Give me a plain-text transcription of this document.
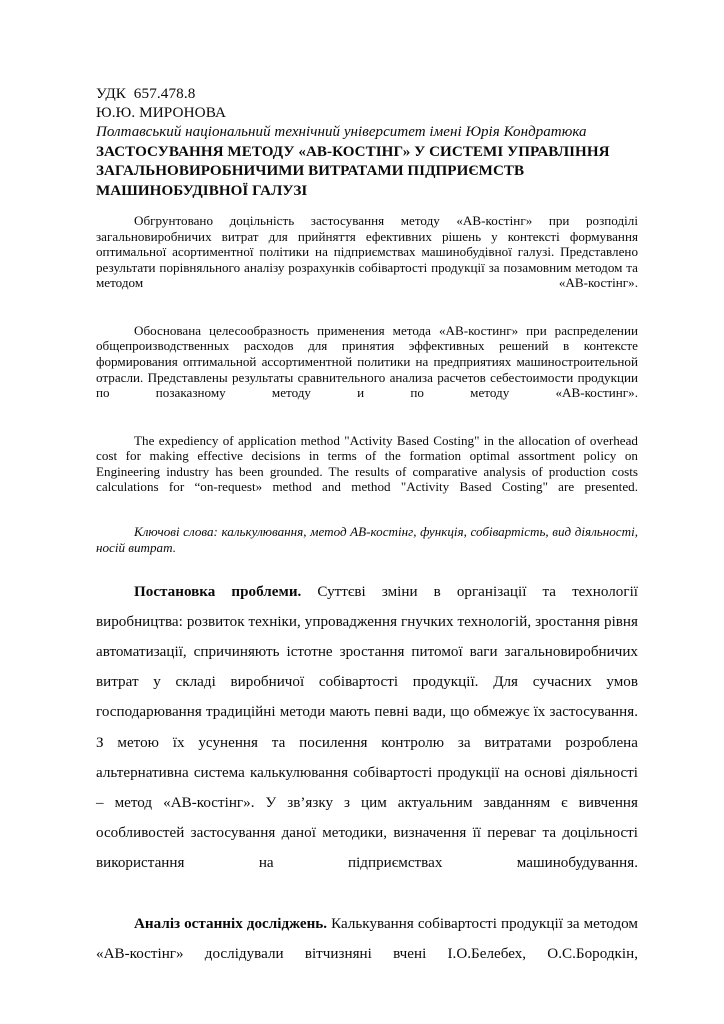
УДК  657.478.8
Ю.Ю. МИРОНОВА
Полтавський національний технічний університет імені Юрія Кондратюка
ЗАСТОСУВАННЯ МЕТОДУ «АВ-КОСТІНГ» У СИСТЕМІ УПРАВЛІННЯ
ЗАГАЛЬНОВИРОБНИЧИМИ ВИТРАТАМИ ПІДПРИЄМСТВ
МАШИНОБУДІВНОЇ ГАЛУЗІ

Обгрунтовано доцільність застосування методу «АВ-костінг» при розподілі загальновиробничих витрат для прийняття ефективних рішень у контексті формування оптимальної асортиментної політики на підприємствах машинобудівної галузі. Представлено результати порівняльного аналізу розрахунків собівартості продукції за позамовним методом та методом «АВ-костінг».

Обоснована целесообразность применения метода «АВ-костинг» при распределении общепроизводственных расходов для принятия эффективных решений в контексте формирования оптимальной ассортиментной политики на предприятиях машиностроительной отрасли. Представлены результаты сравнительного анализа расчетов себестоимости продукции по позаказному методу и по методу «АВ-костинг».

The expediency of application method "Activity Based Costing" in the allocation of overhead cost for making effective decisions in terms of the formation optimal assortment policy on Engineering industry has been grounded. The results of comparative analysis of production costs calculations for “on-request» method and method "Activity Based Costing" are presented.

Ключові слова: калькулювання, метод АВ-костінг, функція, собівартість, вид діяльності, носій витрат.

Постановка проблеми. Суттєві зміни в організації та технології виробництва: розвиток техніки, упровадження гнучких технологій, зростання рівня автоматизації, спричиняють істотне зростання питомої ваги загальновиробничих витрат у складі виробничої собівартості продукції. Для сучасних умов господарювання традиційні методи мають певні вади, що обмежує їх застосування. З метою їх усунення та посилення контролю за витратами розроблена альтернативна система калькулювання собівартості продукції на основі діяльності – метод «АВ-костінг». У зв’язку з цим актуальним завданням є вивчення особливостей застосування даної методики, визначення її переваг та доцільності використання на підприємствах машинобудування.

Аналіз останніх досліджень. Калькування собівартості продукції за методом «АВ-костінг» дослідували вітчизняні вчені І.О.Белебех, О.С.Бородкін,
